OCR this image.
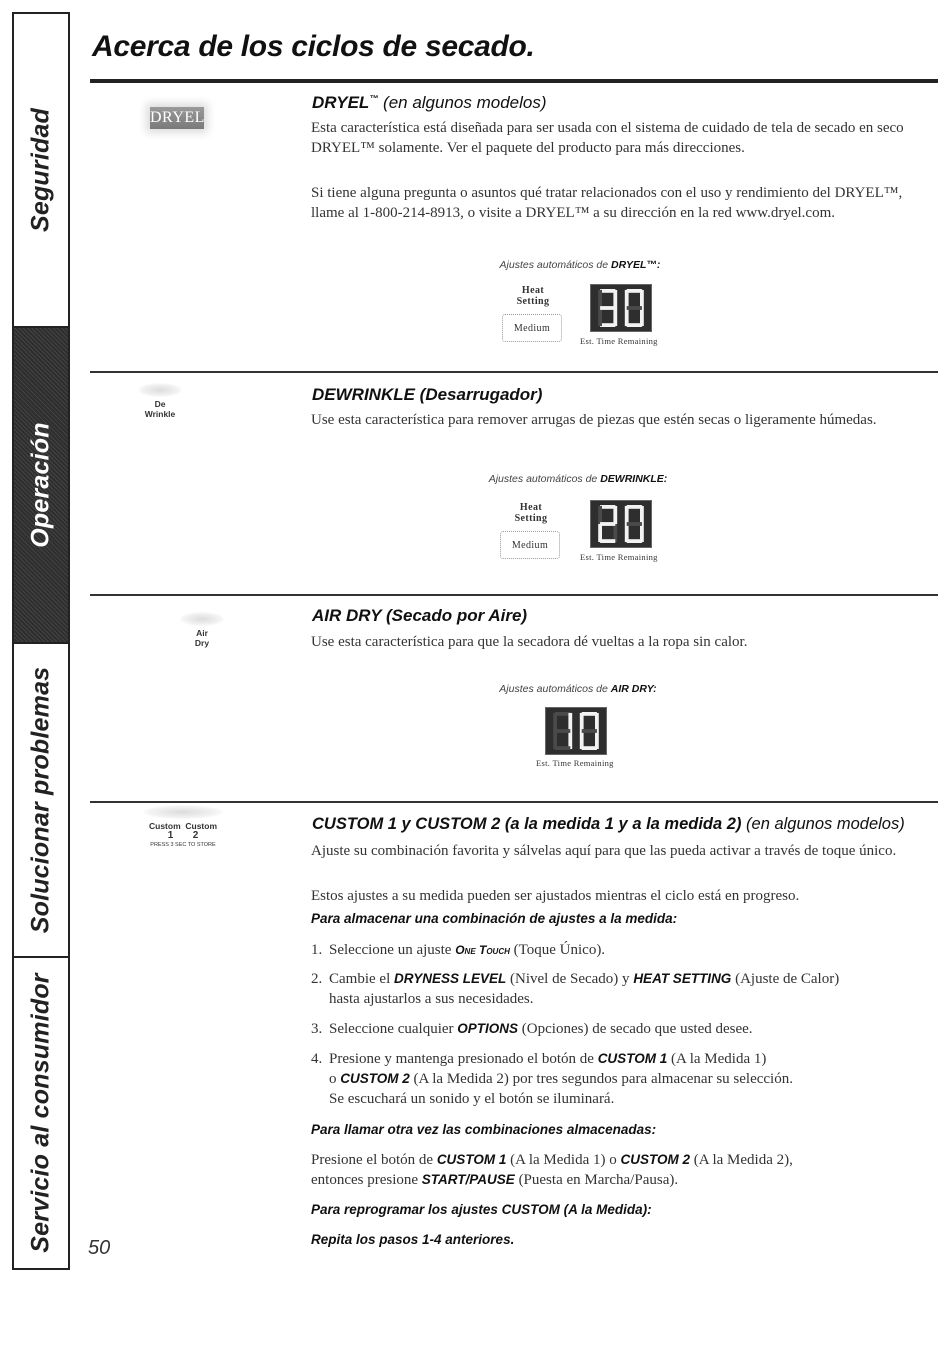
Seguridad
Operación
Solucionar problemas
Servicio al consumidor
Acerca de los ciclos de secado.
DRYEL
DRYEL™ (en algunos modelos)

Esta característica está diseñada para ser usada con el sistema de cuidado de tela de secado en seco DRYEL™ solamente. Ver el paquete del producto para más direcciones.

Si tiene alguna pregunta o asuntos qué tratar relacionados con el uso y rendimiento del DRYEL™, llame al 1-800-214-8913, o visite a DRYEL™ a su dirección en la red www.dryel.com.

Ajustes automáticos de DRYEL™:
Heat
Setting
Medium
Est. Time Remaining
De
Wrinkle
DEWRINKLE (Desarrugador)

Use esta característica para remover arrugas de piezas que estén secas o ligeramente húmedas.

Ajustes automáticos de DEWRINKLE:
Heat
Setting
Medium
Est. Time Remaining
Air
Dry
AIR DRY (Secado por Aire)

Use esta característica para que la secadora dé vueltas a la ropa sin calor.

Ajustes automáticos de AIR DRY:
Est. Time Remaining
Custom Custom
1 2
PRESS 3 SEC TO STORE
CUSTOM 1 y CUSTOM 2 (a la medida 1 y a la medida 2) (en algunos modelos)

Ajuste su combinación favorita y sálvelas aquí para que las pueda activar a través de toque único.

Estos ajustes a su medida pueden ser ajustados mientras el ciclo está en progreso.

Para almacenar una combinación de ajustes a la medida:

1. Seleccione un ajuste One Touch (Toque Único).

2. Cambie el DRYNESS LEVEL (Nivel de Secado) y HEAT SETTING (Ajuste de Calor)
hasta ajustarlos a sus necesidades.

3. Seleccione cualquier OPTIONS (Opciones) de secado que usted desee.

4. Presione y mantenga presionado el botón de CUSTOM 1 (A la Medida 1)
o CUSTOM 2 (A la Medida 2) por tres segundos para almacenar su selección.
Se escuchará un sonido y el botón se iluminará.

Para llamar otra vez las combinaciones almacenadas:

Presione el botón de CUSTOM 1 (A la Medida 1) o CUSTOM 2 (A la Medida 2),
entonces presione START/PAUSE (Puesta en Marcha/Pausa).

Para reprogramar los ajustes CUSTOM (A la Medida):

Repita los pasos 1-4 anteriores.

50
